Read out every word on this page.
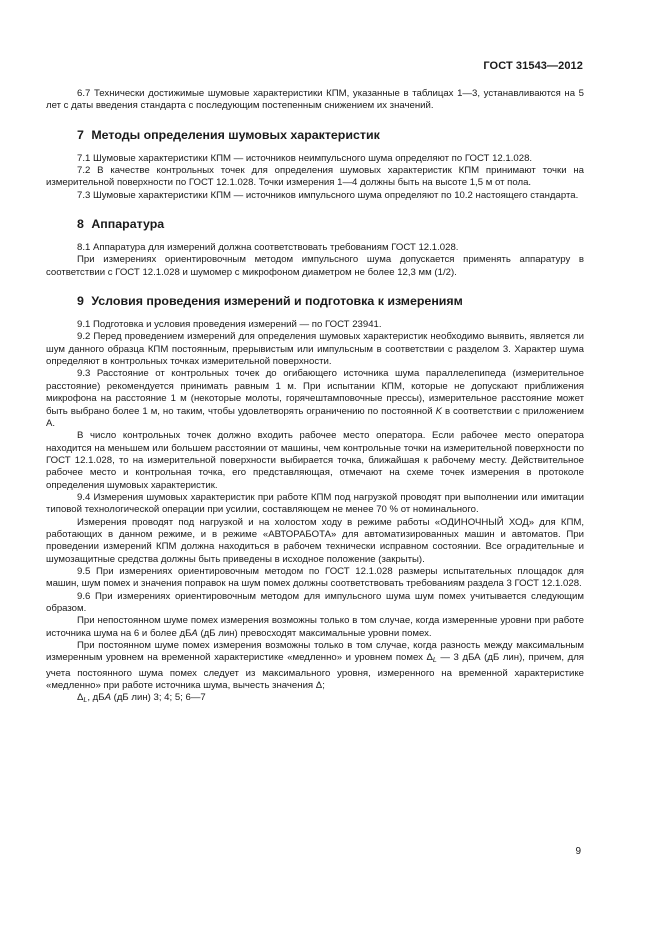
ГОСТ 31543—2012

6.7 Технически достижимые шумовые характеристики КПМ, указанные в таблицах 1—3, устанавливаются на 5 лет с даты введения стандарта с последующим постепенным снижением их значений.

7 Методы определения шумовых характеристик

7.1 Шумовые характеристики КПМ — источников неимпульсного шума определяют по ГОСТ 12.1.028.

7.2 В качестве контрольных точек для определения шумовых характеристик КПМ принимают точки на измерительной поверхности по ГОСТ 12.1.028. Точки измерения 1—4 должны быть на высоте 1,5 м от пола.

7.3 Шумовые характеристики КПМ — источников импульсного шума определяют по 10.2 настоящего стандарта.

8 Аппаратура

8.1 Аппаратура для измерений должна соответствовать требованиям ГОСТ 12.1.028.

При измерениях ориентировочным методом импульсного шума допускается применять аппаратуру в соответствии с ГОСТ 12.1.028 и шумомер с микрофоном диаметром не более 12,3 мм (1/2).

9 Условия проведения измерений и подготовка к измерениям

9.1 Подготовка и условия проведения измерений — по ГОСТ 23941.

9.2 Перед проведением измерений для определения шумовых характеристик необходимо выявить, является ли шум данного образца КПМ постоянным, прерывистым или импульсным в соответствии с разделом 3. Характер шума определяют в контрольных точках измерительной поверхности.

9.3 Расстояние от контрольных точек до огибающего источника шума параллелепипеда (измерительное расстояние) рекомендуется принимать равным 1 м. При испытании КПМ, которые не допускают приближения микрофона на расстояние 1 м (некоторые молоты, горячештамповочные прессы), измерительное расстояние может быть выбрано более 1 м, но таким, чтобы удовлетворять ограничению по постоянной K в соответствии с приложением А.

В число контрольных точек должно входить рабочее место оператора. Если рабочее место оператора находится на меньшем или большем расстоянии от машины, чем контрольные точки на измерительной поверхности по ГОСТ 12.1.028, то на измерительной поверхности выбирается точка, ближайшая к рабочему месту. Действительное рабочее место и контрольная точка, его представляющая, отмечают на схеме точек измерения в протоколе определения шумовых характеристик.

9.4 Измерения шумовых характеристик при работе КПМ под нагрузкой проводят при выполнении или имитации типовой технологической операции при усилии, составляющем не менее 70 % от номинального.

Измерения проводят под нагрузкой и на холостом ходу в режиме работы «ОДИНОЧНЫЙ ХОД» для КПМ, работающих в данном режиме, и в режиме «АВТОРАБОТА» для автоматизированных машин и автоматов. При проведении измерений КПМ должна находиться в рабочем технически исправном состоянии. Все оградительные и шумозащитные средства должны быть приведены в исходное положение (закрыты).

9.5 При измерениях ориентировочным методом по ГОСТ 12.1.028 размеры испытательных площадок для машин, шум помех и значения поправок на шум помех должны соответствовать требованиям раздела 3 ГОСТ 12.1.028.

9.6 При измерениях ориентировочным методом для импульсного шума шум помех учитывается следующим образом.

При непостоянном шуме помех измерения возможны только в том случае, когда измеренные уровни при работе источника шума на 6 и более дБА (дБ лин) превосходят максимальные уровни помех.

При постоянном шуме помех измерения возможны только в том случае, когда разность между максимальным измеренным уровнем на временной характеристике «медленно» и уровнем помех $\Delta_L$ — 3 дБА (дБ лин), причем, для учета постоянного шума помех следует из максимального уровня, измеренного на временной характеристике «медленно» при работе источника шума, вычесть значения Δ;

$\Delta_L$, дБА (дБ лин) 3; 4; 5; 6—7

9
